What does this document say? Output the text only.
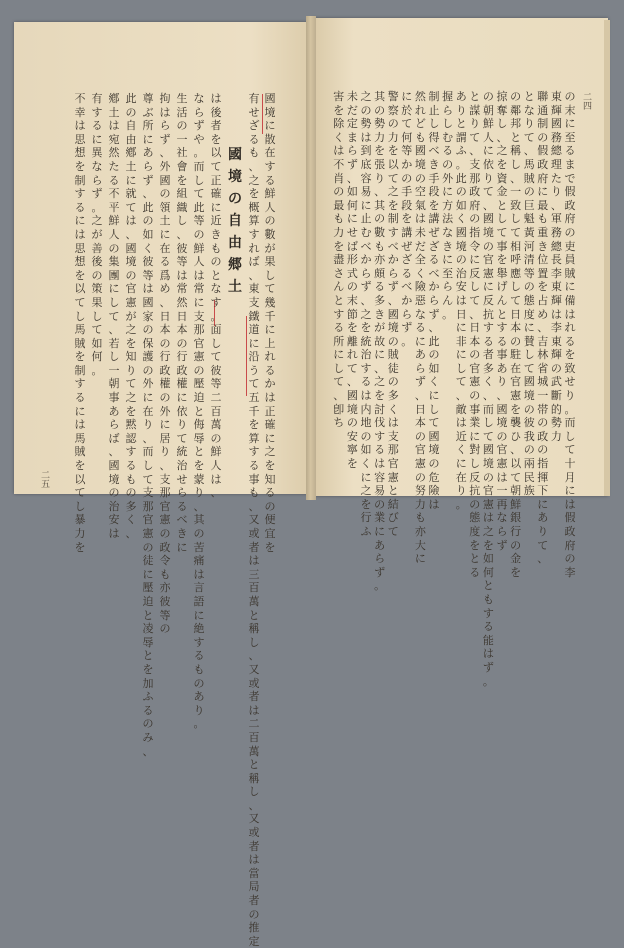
國
境
の
自
由
郷
土
國
境
に
散
在
す
る
鮮
人
の
數
が
果
し
て
幾
千
に
上
れ
る
か
は
正
確
に
之
を
知
る
の
便
宜
を
有
せ
ざ
る
も
、
之
を
概
算
す
れ
ば
、
東
支
鐵
道
に
沿
う
て
五
千
を
算
す
る
事
も
、
又
或
者
は
三
百
萬
と
稱
し
、
又
或
者
は
二
百
萬
と
稱
し
、
又
或
者
は
當
局
者
の
推
定
は
後
者
を
以
て
正
確
に
近
き
も
の
と
な
す
。
面
し
て
彼
等
二
百
萬
の
鮮
人
は
、
な
ら
ず
や
。
而
し
て
此
等
の
鮮
人
は
常
に
支
那
官
憲
の
壓
迫
と
侮
辱
と
を
蒙
り
、
其
の
苦
痛
は
言
語
に
絶
す
る
も
の
あ
り
。
生
活
の
一
社
會
を
組
織
し
、
彼
等
は
常
然
日
本
の
行
政
權
に
依
り
て
統
治
せ
ら
る
べ
き
に
拘
は
ら
ず
、
外
國
の
領
土
に
在
る
爲
め
、
日
本
の
行
政
權
の
外
に
居
り
、
支
那
官
憲
の
政
令
も
亦
彼
等
の
尊
ぶ
所
に
あ
ら
ず
、
此
の
如
く
彼
等
は
國
家
の
保
護
の
外
に
在
り
、
而
し
て
支
那
官
憲
の
徒
に
壓
迫
と
凌
辱
と
を
加
ふ
る
の
み
、
此
の
自
由
鄕
土
に
就
て
は
、
國
境
の
官
憲
が
之
を
知
り
て
之
を
黙
認
す
る
も
の
多
く
、
鄕
土
は
宛
然
た
る
不
平
鮮
人
の
集
團
に
し
て
、
若
し
一
朝
事
あ
ら
ば
、
國
境
の
治
安
は
有
す
る
に
異
な
ら
ず
。
之
が
善
後
の
策
果
し
て
如
何
。
不
幸
は
思
想
を
制
す
る
に
は
思
想
を
以
て
し
馬
賊
を
制
す
る
に
は
馬
賊
を
以
て
し
暴
力
を
の
末
に
至
る
ま
で
假
政
府
の
吏
員
賊
に
備
は
れ
る
を
致
せ
り
。
而
し
て
十
月
に
は
假
政
府
の
李
東
輝
國
務
總
理
た
り
、
軍
務
總
長
李
東
輝
は
李
東
輝
の
武
斷
的
勢
力
聯
通
制
の
假
政
府
に
最
も
重
き
位
置
を
占
め
、
吉
林
省
城
一
帯
の
政
の
指
揮
下
に
あ
り
て
、
と
な
り
て
、
馬
賊
の
巨
魁
黃
河
清
等
の
態
度
に
賛
し
て
國
境
の
彼
我
の
兩
民
族
の
鄰
邦
と
稱
し
、
一
致
し
て
相
呼
應
し
て
日
本
の
駐
在
官
憲
を
襲
ひ
、
以
て
朝
鮮
銀
行
の
金
を
掠
奪
し
、
之
を
資
金
と
し
て
事
を
舉
げ
ん
と
す
る
事
あ
り
、
國
境
の
官
憲
は
一
再
な
ら
ず
の
朝
鮮
人
に
依
り
て
、
國
境
の
官
憲
に
反
抗
す
る
者
多
く
、
而
し
て
國
境
の
官
憲
は
之
を
如
何
と
も
す
る
能
は
ず
。
と
謀
り
て
、
支
那
政
府
の
指
令
に
反
し
て
、
日
本
の
官
憲
の
事
業
に
對
し
反
抗
の
態
度
を
と
る
あ
り
と
謂
ふ
。
此
の
如
く
國
境
の
治
安
は
日
に
非
に
し
て
、
敵
は
近
く
に
在
り
。
握
ら
し
む
る
の
外
に
方
法
な
き
に
至
ら
ん
。
制
止
し
得
べ
き
手
段
を
講
ぜ
ざ
る
べ
か
ら
ず
、
此
の
如
く
に
し
て
國
境
の
危
險
は
然
れ
ど
も
國
境
の
空
氣
は
未
だ
全
く
險
惡
な
る
に
あ
ら
ず
、
日
本
の
官
憲
の
努
力
も
亦
大
に
に
於
て
何
等
か
の
手
段
を
講
ぜ
ざ
る
べ
か
ら
ず
。
警
察
の
力
を
以
て
之
を
制
す
べ
か
ら
ず
、
國
境
の
賊
徒
の
多
く
は
支
那
官
憲
と
結
び
て
其
の
勢
力
を
張
り
、
其
の
數
も
亦
頗
る
多
き
が
故
に
、
之
を
討
伐
す
る
は
容
易
の
業
に
あ
ら
ず
。
之
の
勢
は
到
底
容
易
に
止
む
べ
か
ら
ず
、
之
を
統
治
す
る
は
内
地
の
如
く
に
之
を
行
ふ
未
だ
定
ま
ら
ず
、
如
何
に
せ
ば
形
式
の
末
節
を
離
れ
て
、
國
境
の
安
寧
を
害
を
除
く
は
不
肖
の
最
も
力
を
盡
さ
ん
と
す
る
所
に
し
て
、
卽
ち
二五
二四
